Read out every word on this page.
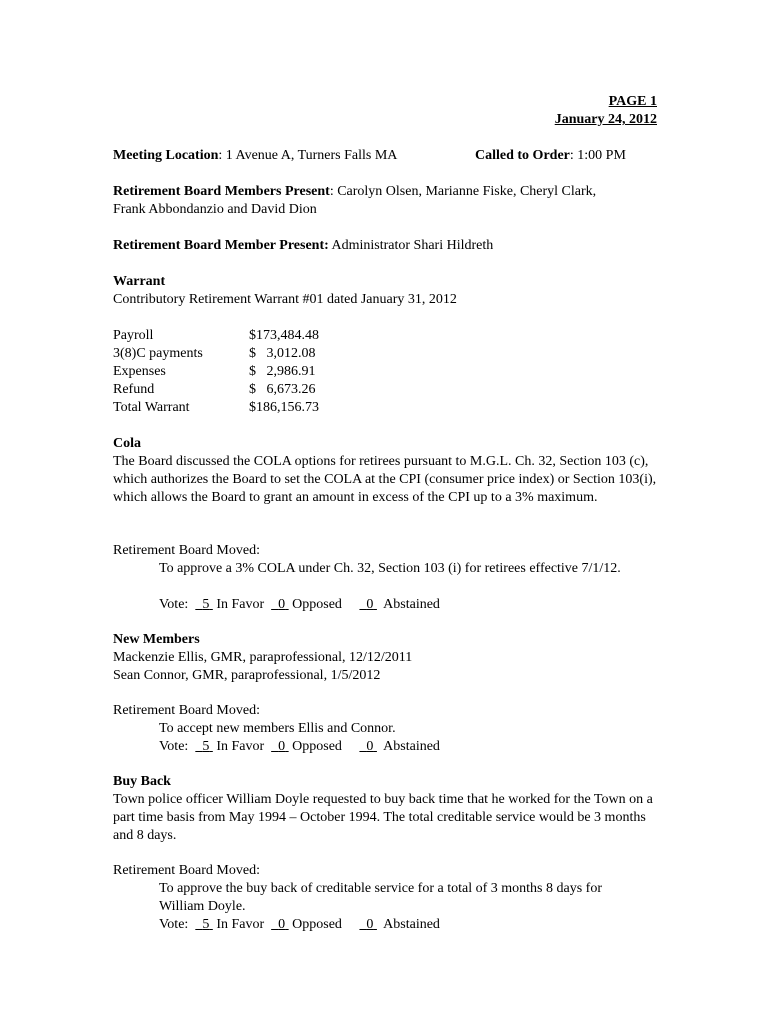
PAGE 1
January 24, 2012
Meeting Location: 1 Avenue A, Turners Falls MA	Called to Order: 1:00 PM
Retirement Board Members Present: Carolyn Olsen, Marianne Fiske, Cheryl Clark,
Frank Abbondanzio and David Dion
Retirement Board Member Present: Administrator Shari Hildreth
Warrant
Contributory Retirement Warrant #01 dated January 31, 2012
Payroll	$173,484.48
3(8)C payments	$   3,012.08
Expenses	$   2,986.91
Refund	$   6,673.26
Total Warrant	$186,156.73
Cola
The Board discussed the COLA options for retirees pursuant to M.G.L. Ch. 32, Section 103 (c), which authorizes the Board to set the COLA at the CPI (consumer price index) or Section 103(i), which allows the Board to grant an amount in excess of the CPI up to a 3% maximum.
Retirement Board Moved:
To approve a 3% COLA under Ch. 32, Section 103 (i) for retirees effective 7/1/12.
Vote: 5 In Favor 0 Opposed 0 Abstained
New Members
Mackenzie Ellis, GMR, paraprofessional, 12/12/2011
Sean Connor, GMR, paraprofessional, 1/5/2012
Retirement Board Moved:
To accept new members Ellis and Connor.
Vote: 5 In Favor 0 Opposed 0 Abstained
Buy Back
Town police officer William Doyle requested to buy back time that he worked for the Town on a part time basis from May 1994 – October 1994. The total creditable service would be 3 months and 8 days.
Retirement Board Moved:
To approve the buy back of creditable service for a total of 3 months 8 days for William Doyle.
Vote: 5 In Favor 0 Opposed 0 Abstained
